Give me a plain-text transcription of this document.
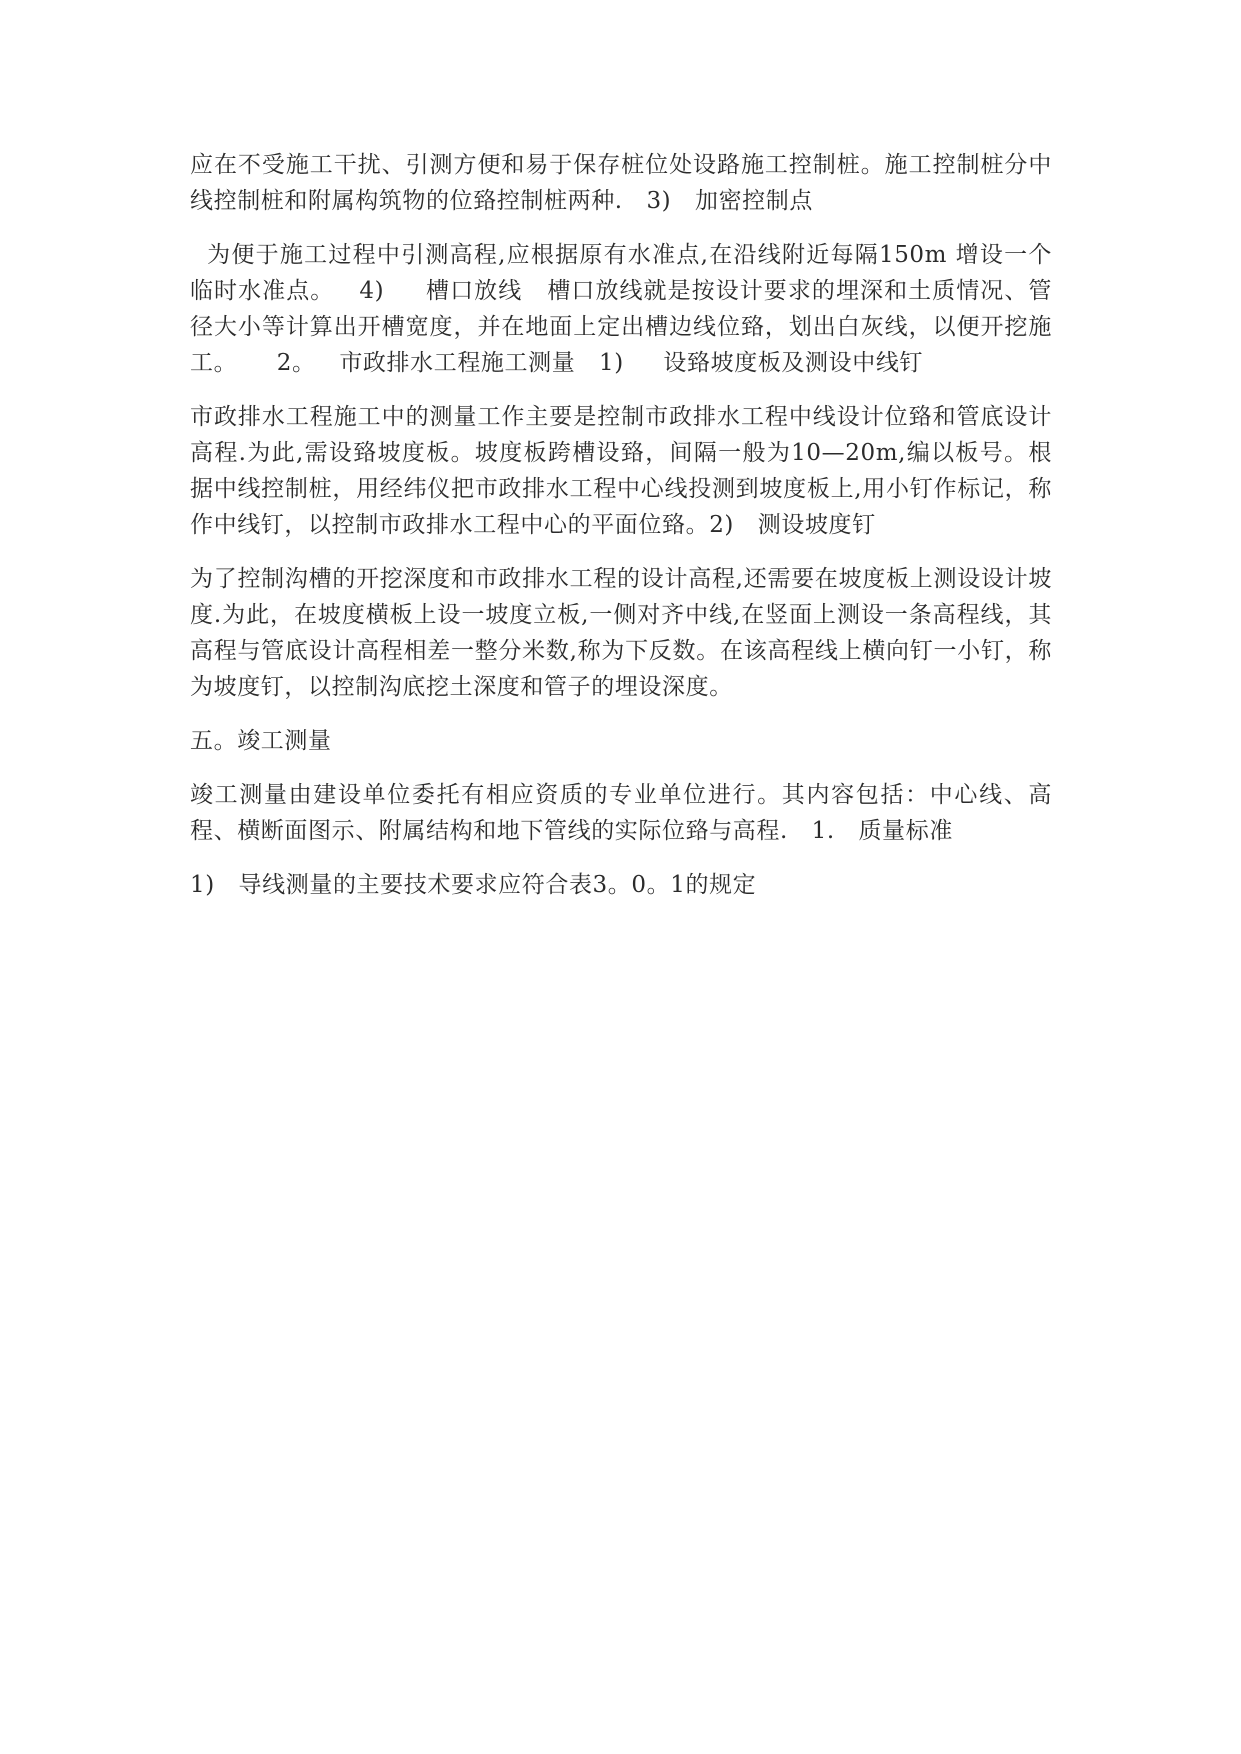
应在不受施工干扰、引测方便和易于保存桩位处设路施工控制桩。施工控制桩分中线控制桩和附属构筑物的位臵控制桩两种.   3)   加密控制点

为便于施工过程中引测高程,应根据原有水准点,在沿线附近每隔150m 增设一个临时水准点。   4)     槽口放线   槽口放线就是按设计要求的埋深和土质情况、管径大小等计算出开槽宽度，并在地面上定出槽边线位臵，划出白灰线，以便开挖施工。     2。   市政排水工程施工测量   1)     设臵坡度板及测设中线钉

市政排水工程施工中的测量工作主要是控制市政排水工程中线设计位臵和管底设计高程.为此,需设臵坡度板。坡度板跨槽设臵，间隔一般为10—20m,编以板号。根据中线控制桩，用经纬仪把市政排水工程中心线投测到坡度板上,用小钉作标记，称作中线钉，以控制市政排水工程中心的平面位臵。2)   测设坡度钉

为了控制沟槽的开挖深度和市政排水工程的设计高程,还需要在坡度板上测设设计坡度.为此，在坡度横板上设一坡度立板,一侧对齐中线,在竖面上测设一条高程线，其高程与管底设计高程相差一整分米数,称为下反数。在该高程线上横向钉一小钉，称为坡度钉，以控制沟底挖土深度和管子的埋设深度。

五。竣工测量

竣工测量由建设单位委托有相应资质的专业单位进行。其内容包括：中心线、高程、横断面图示、附属结构和地下管线的实际位臵与高程.   1.   质量标准

1)   导线测量的主要技术要求应符合表3。0。1的规定
